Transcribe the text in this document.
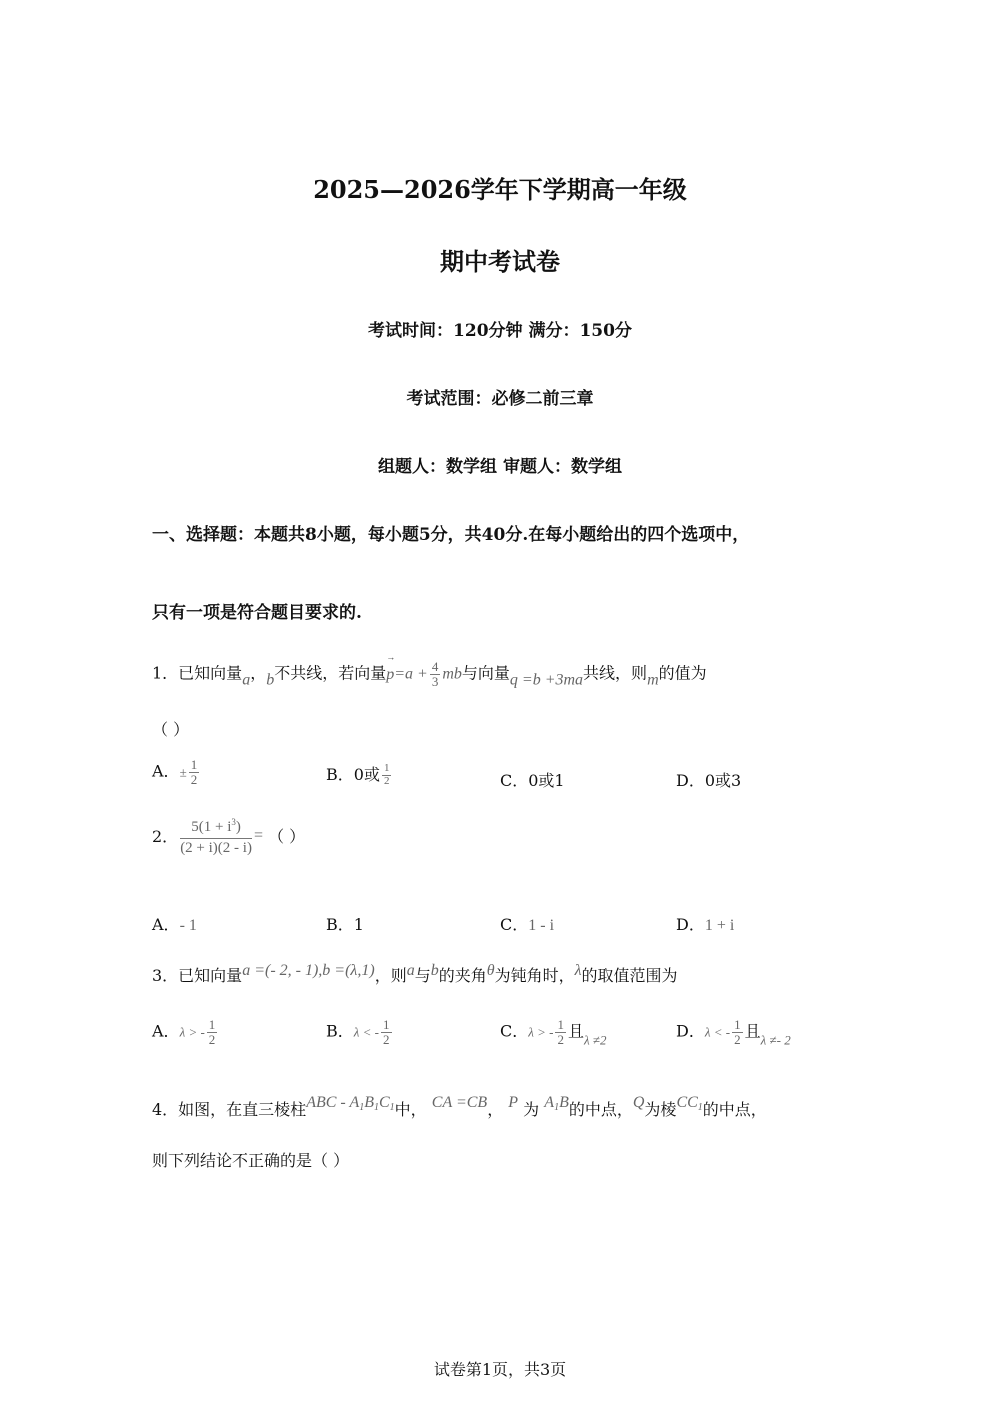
2025—2026学年下学期高一年级
期中考试卷
考试时间：120分钟 满分：150分
考试范围：必修二前三章
组题人：数学组 审题人：数学组
一、选择题：本题共8小题，每小题5分，共40分.在每小题给出的四个选项中，
只有一项是符合题目要求的.
1．已知向量a，b不共线，若向量→ $p=a + \frac{4}{3}$ mb与向量q =b +3ma共线，则m的值为
（ ）
A．± $\frac{1}{2}$	B．0或 $\frac{1}{2}$	C．0或1	D．0或3
2． $\frac{5(1 + i^3)}{(2 + i)(2 - i)}$ = （ ）
A．- 1	B．1	C．1 - i	D．1 + i
3．已知向量a =(- 2, - 1),b =(λ,1)，则a与b的夹角θ为钝角时，λ的取值范围为
A．λ > - $\frac{1}{2}$	B．λ < - $\frac{1}{2}$	C．λ > - $\frac{1}{2}$ 且$_{\lambda \ne 2}$	D．λ < - $\frac{1}{2}$ 且$_{\lambda \ne- 2}$
4．如图，在直三棱柱ABC - $A_1B_1C_1$中， CA =CB， P 为 $A_1B$的中点，Q为棱$CC_1$的中点，
则下列结论不正确的是（ ）
试卷第1页，共3页
